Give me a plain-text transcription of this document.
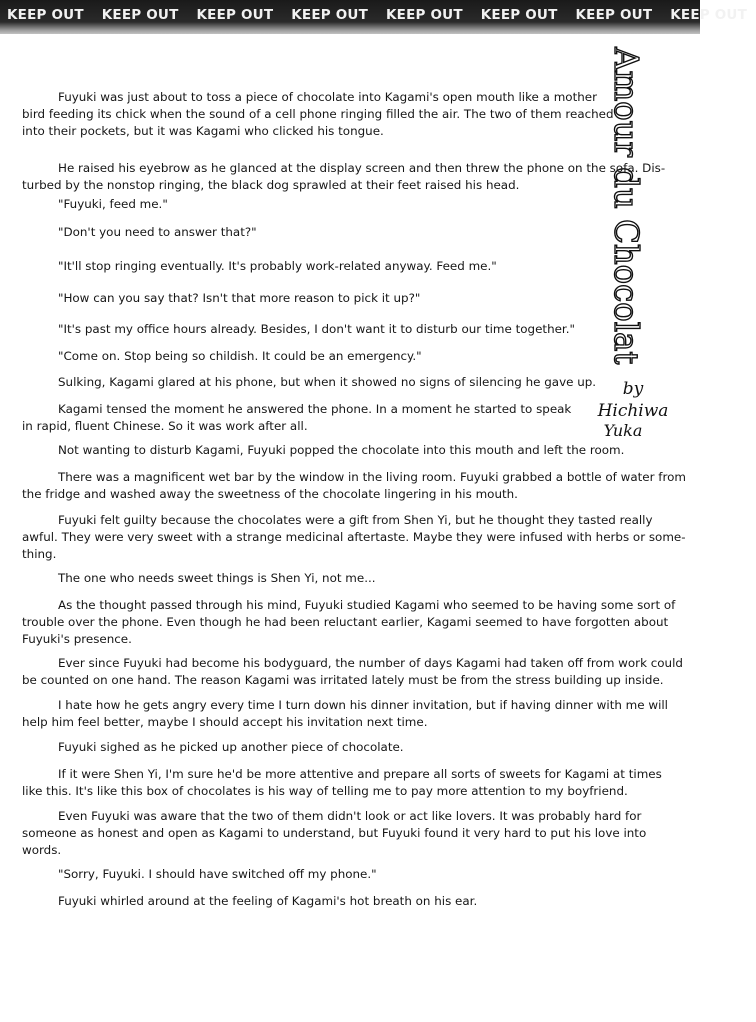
KEEP OUT KEEP OUT KEEP OUT KEEP OUT KEEP OUT KEEP OUT KEEP OUT KEEP OUT
Amour du Chocolat
by
Hichiwa
Yuka
Fuyuki was just about to toss a piece of chocolate into Kagami's open mouth like a mother
bird feeding its chick when the sound of a cell phone ringing filled the air. The two of them reached
into their pockets, but it was Kagami who clicked his tongue.
He raised his eyebrow as he glanced at the display screen and then threw the phone on the sofa. Dis-
turbed by the nonstop ringing, the black dog sprawled at their feet raised his head.
"Fuyuki, feed me."
"Don't you need to answer that?"
"It'll stop ringing eventually. It's probably work-related anyway. Feed me."
"How can you say that? Isn't that more reason to pick it up?"
"It's past my office hours already. Besides, I don't want it to disturb our time together."
"Come on. Stop being so childish. It could be an emergency."
Sulking, Kagami glared at his phone, but when it showed no signs of silencing he gave up.
Kagami tensed the moment he answered the phone. In a moment he started to speak
in rapid, fluent Chinese. So it was work after all.
Not wanting to disturb Kagami, Fuyuki popped the chocolate into this mouth and left the room.
There was a magnificent wet bar by the window in the living room. Fuyuki grabbed a bottle of water from
the fridge and washed away the sweetness of the chocolate lingering in his mouth.
Fuyuki felt guilty because the chocolates were a gift from Shen Yi, but he thought they tasted really
awful. They were very sweet with a strange medicinal aftertaste. Maybe they were infused with herbs or some-
thing.
The one who needs sweet things is Shen Yi, not me...
As the thought passed through his mind, Fuyuki studied Kagami who seemed to be having some sort of
trouble over the phone. Even though he had been reluctant earlier, Kagami seemed to have forgotten about
Fuyuki's presence.
Ever since Fuyuki had become his bodyguard, the number of days Kagami had taken off from work could
be counted on one hand. The reason Kagami was irritated lately must be from the stress building up inside.
I hate how he gets angry every time I turn down his dinner invitation, but if having dinner with me will
help him feel better, maybe I should accept his invitation next time.
Fuyuki sighed as he picked up another piece of chocolate.
If it were Shen Yi, I'm sure he'd be more attentive and prepare all sorts of sweets for Kagami at times
like this. It's like this box of chocolates is his way of telling me to pay more attention to my boyfriend.
Even Fuyuki was aware that the two of them didn't look or act like lovers. It was probably hard for
someone as honest and open as Kagami to understand, but Fuyuki found it very hard to put his love into
words.
"Sorry, Fuyuki. I should have switched off my phone."
Fuyuki whirled around at the feeling of Kagami's hot breath on his ear.
